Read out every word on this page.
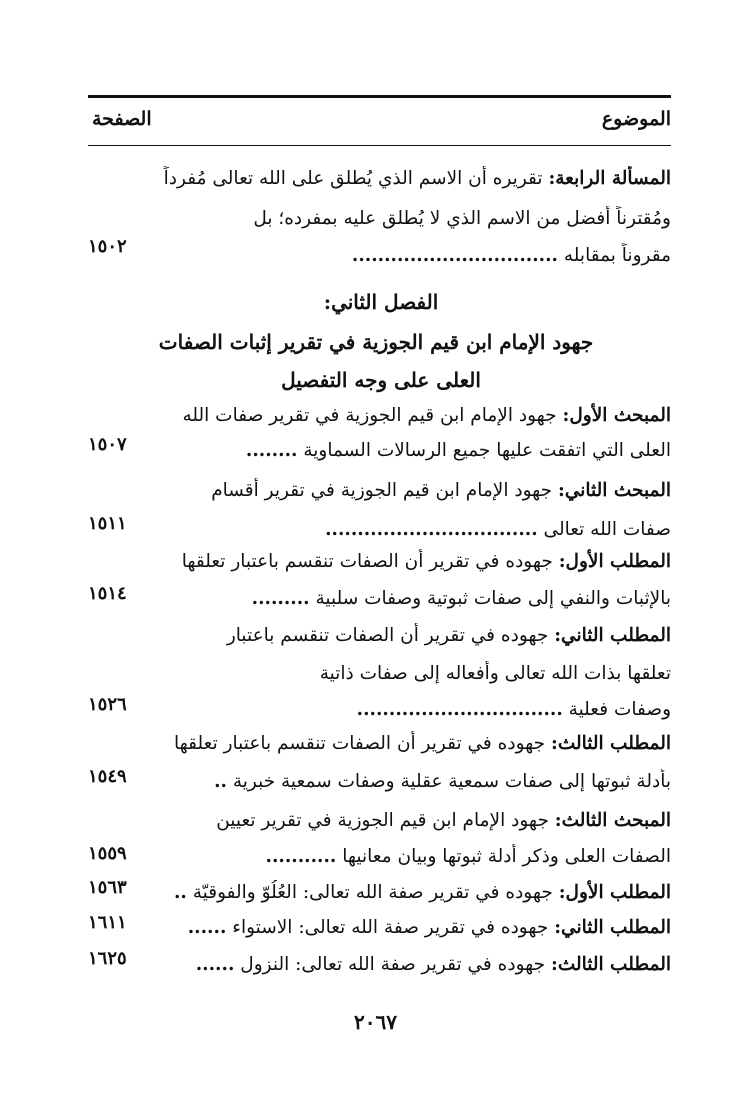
الموضوع
الصفحة
المسألة الرابعة: تقريره أن الاسم الذي يُطلق على الله تعالى مُفرداً
ومُقترناً أفضل من الاسم الذي لا يُطلق عليه بمفرده؛ بل
مقروناً بمقابله ................................
١٥٠٢
الفصل الثاني:
جهود الإمام ابن قيم الجوزية في تقرير إثبات الصفات
العلى على وجه التفصيل
المبحث الأول: جهود الإمام ابن قيم الجوزية في تقرير صفات الله
العلى التي اتفقت عليها جميع الرسالات السماوية ........
١٥٠٧
المبحث الثاني: جهود الإمام ابن قيم الجوزية في تقرير أقسام
صفات الله تعالى .................................
١٥١١
المطلب الأول: جهوده في تقرير أن الصفات تنقسم باعتبار تعلقها
بالإثبات والنفي إلى صفات ثبوتية وصفات سلبية .........
١٥١٤
المطلب الثاني: جهوده في تقرير أن الصفات تنقسم باعتبار
تعلقها بذات الله تعالى وأفعاله إلى صفات ذاتية
وصفات فعلية ................................
١٥٢٦
المطلب الثالث: جهوده في تقرير أن الصفات تنقسم باعتبار تعلقها
بأدلة ثبوتها إلى صفات سمعية عقلية وصفات سمعية خبرية ..
١٥٤٩
المبحث الثالث: جهود الإمام ابن قيم الجوزية في تقرير تعيين
الصفات العلى وذكر أدلة ثبوتها وبيان معانيها ...........
١٥٥٩
المطلب الأول: جهوده في تقرير صفة الله تعالى: العُلُوّ والفوقيّة ..
١٥٦٣
المطلب الثاني: جهوده في تقرير صفة الله تعالى: الاستواء ......
١٦١١
المطلب الثالث: جهوده في تقرير صفة الله تعالى: النزول ......
١٦٢٥
٢٠٦٧
